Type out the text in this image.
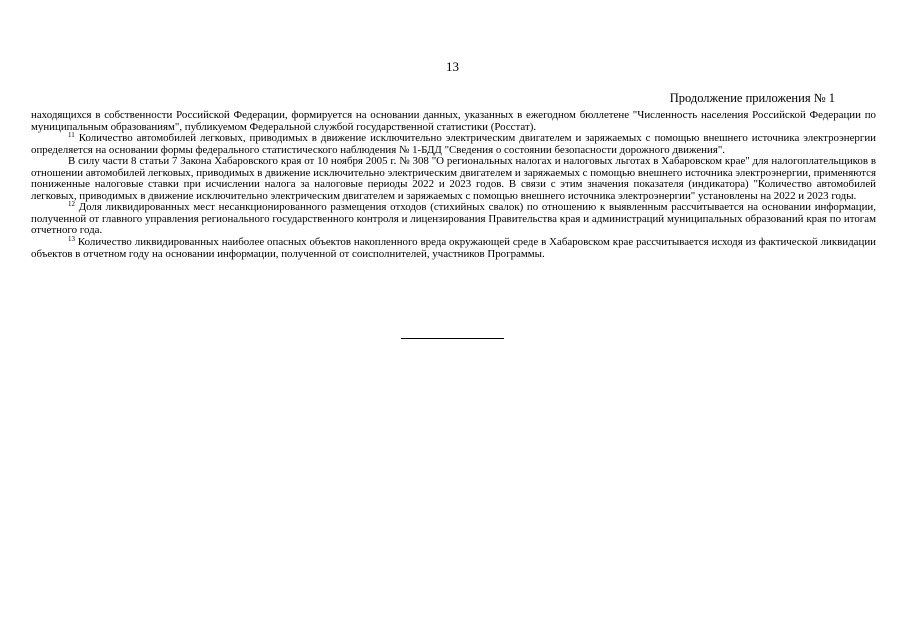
13
Продолжение приложения № 1

находящихся в собственности Российской Федерации, формируется на основании данных, указанных в ежегодном бюллетене "Численность населения Российской Федерации по муниципальным образованиям", публикуемом Федеральной службой государственной статистики (Росстат).

$^{11}$ Количество автомобилей легковых, приводимых в движение исключительно электрическим двигателем и заряжаемых с помощью внешнего источника электроэнергии определяется на основании формы федерального статистического наблюдения № 1-БДД "Сведения о состоянии безопасности дорожного движения".

В силу части 8 статьи 7 Закона Хабаровского края от 10 ноября 2005 г. № 308 "О региональных налогах и налоговых льготах в Хабаровском крае" для налогоплательщиков в отношении автомобилей легковых, приводимых в движение исключительно электрическим двигателем и заряжаемых с помощью внешнего источника электроэнергии, применяются пониженные налоговые ставки при исчислении налога за налоговые периоды 2022 и 2023 годов. В связи с этим значения показателя (индикатора) "Количество автомобилей легковых, приводимых в движение исключительно электрическим двигателем и заряжаемых с помощью внешнего источника электроэнергии" установлены на 2022 и 2023 годы.

$^{12}$ Доля ликвидированных мест несанкционированного размещения отходов (стихийных свалок) по отношению к выявленным рассчитывается на основании информации, полученной от главного управления регионального государственного контроля и лицензирования Правительства края и администраций муниципальных образований края по итогам отчетного года.

$^{13}$ Количество ликвидированных наиболее опасных объектов накопленного вреда окружающей среде в Хабаровском крае рассчитывается исходя из фактической ликвидации объектов в отчетном году на основании информации, полученной от соисполнителей, участников Программы.
